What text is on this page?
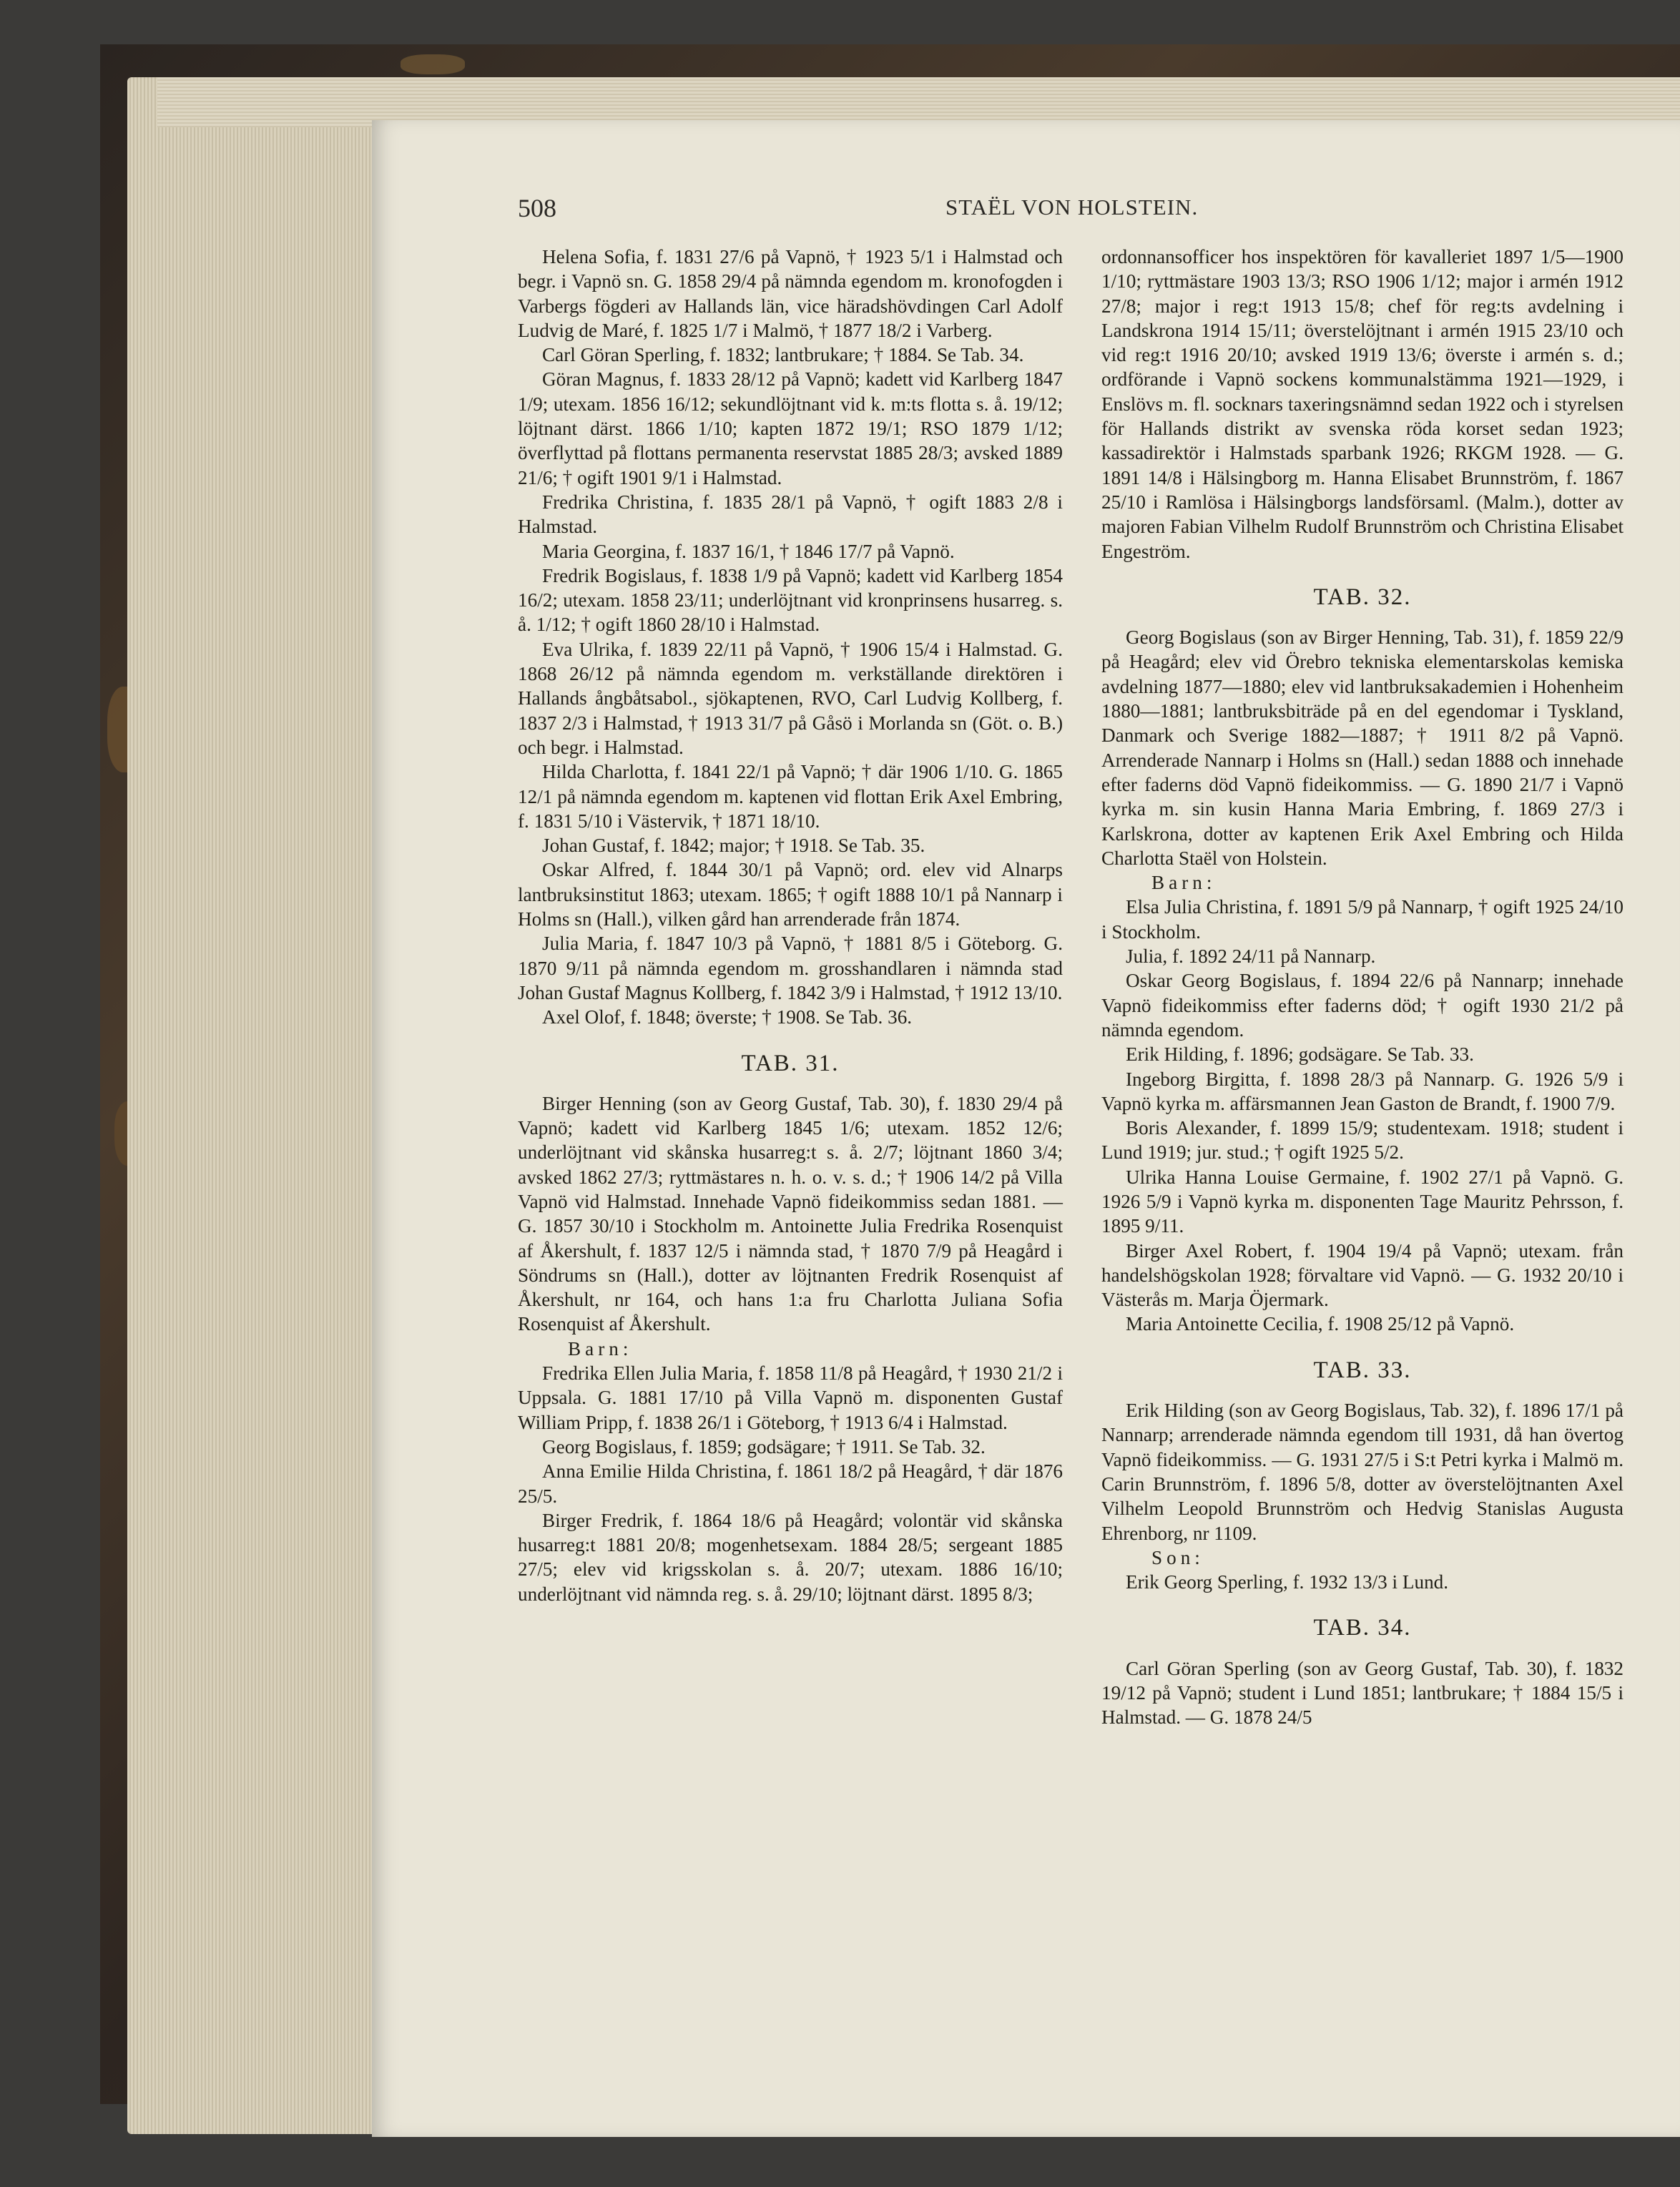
508	STAËL VON HOLSTEIN.

Helena Sofia, f. 1831 27/6 på Vapnö, † 1923 5/1 i Halmstad och begr. i Vapnö sn. G. 1858 29/4 på nämnda egendom m. kronofogden i Varbergs fögderi av Hallands län, vice häradshövdingen Carl Adolf Ludvig de Maré, f. 1825 1/7 i Malmö, † 1877 18/2 i Varberg.

Carl Göran Sperling, f. 1832; lantbrukare; † 1884. Se Tab. 34.

Göran Magnus, f. 1833 28/12 på Vapnö; kadett vid Karlberg 1847 1/9; utexam. 1856 16/12; sekundlöjtnant vid k. m:ts flotta s. å. 19/12; löjtnant därst. 1866 1/10; kapten 1872 19/1; RSO 1879 1/12; överflyttad på flottans permanenta reservstat 1885 28/3; avsked 1889 21/6; † ogift 1901 9/1 i Halmstad.

Fredrika Christina, f. 1835 28/1 på Vapnö, † ogift 1883 2/8 i Halmstad.

Maria Georgina, f. 1837 16/1, † 1846 17/7 på Vapnö.

Fredrik Bogislaus, f. 1838 1/9 på Vapnö; kadett vid Karlberg 1854 16/2; utexam. 1858 23/11; underlöjtnant vid kronprinsens husarreg. s. å. 1/12; † ogift 1860 28/10 i Halmstad.

Eva Ulrika, f. 1839 22/11 på Vapnö, † 1906 15/4 i Halmstad. G. 1868 26/12 på nämnda egendom m. verkställande direktören i Hallands ångbåtsabol., sjökaptenen, RVO, Carl Ludvig Kollberg, f. 1837 2/3 i Halmstad, † 1913 31/7 på Gåsö i Morlanda sn (Göt. o. B.) och begr. i Halmstad.

Hilda Charlotta, f. 1841 22/1 på Vapnö; † där 1906 1/10. G. 1865 12/1 på nämnda egendom m. kaptenen vid flottan Erik Axel Embring, f. 1831 5/10 i Västervik, † 1871 18/10.

Johan Gustaf, f. 1842; major; † 1918. Se Tab. 35.

Oskar Alfred, f. 1844 30/1 på Vapnö; ord. elev vid Alnarps lantbruksinstitut 1863; utexam. 1865; † ogift 1888 10/1 på Nannarp i Holms sn (Hall.), vilken gård han arrenderade från 1874.

Julia Maria, f. 1847 10/3 på Vapnö, † 1881 8/5 i Göteborg. G. 1870 9/11 på nämnda egendom m. grosshandlaren i nämnda stad Johan Gustaf Magnus Kollberg, f. 1842 3/9 i Halmstad, † 1912 13/10.

Axel Olof, f. 1848; överste; † 1908. Se Tab. 36.

TAB. 31.

Birger Henning (son av Georg Gustaf, Tab. 30), f. 1830 29/4 på Vapnö; kadett vid Karlberg 1845 1/6; utexam. 1852 12/6; underlöjtnant vid skånska husarreg:t s. å. 2/7; löjtnant 1860 3/4; avsked 1862 27/3; ryttmästares n. h. o. v. s. d.; † 1906 14/2 på Villa Vapnö vid Halmstad. Innehade Vapnö fideikommiss sedan 1881. — G. 1857 30/10 i Stockholm m. Antoinette Julia Fredrika Rosenquist af Åkershult, f. 1837 12/5 i nämnda stad, † 1870 7/9 på Heagård i Söndrums sn (Hall.), dotter av löjtnanten Fredrik Rosenquist af Åkershult, nr 164, och hans 1:a fru Charlotta Juliana Sofia Rosenquist af Åkershult.

Barn:

Fredrika Ellen Julia Maria, f. 1858 11/8 på Heagård, † 1930 21/2 i Uppsala. G. 1881 17/10 på Villa Vapnö m. disponenten Gustaf William Pripp, f. 1838 26/1 i Göteborg, † 1913 6/4 i Halmstad.

Georg Bogislaus, f. 1859; godsägare; † 1911. Se Tab. 32.

Anna Emilie Hilda Christina, f. 1861 18/2 på Heagård, † där 1876 25/5.

Birger Fredrik, f. 1864 18/6 på Heagård; volontär vid skånska husarreg:t 1881 20/8; mogenhetsexam. 1884 28/5; sergeant 1885 27/5; elev vid krigsskolan s. å. 20/7; utexam. 1886 16/10; underlöjtnant vid nämnda reg. s. å. 29/10; löjtnant därst. 1895 8/3;

ordonnansofficer hos inspektören för kavalleriet 1897 1/5—1900 1/10; ryttmästare 1903 13/3; RSO 1906 1/12; major i armén 1912 27/8; major i reg:t 1913 15/8; chef för reg:ts avdelning i Landskrona 1914 15/11; överstelöjtnant i armén 1915 23/10 och vid reg:t 1916 20/10; avsked 1919 13/6; överste i armén s. d.; ordförande i Vapnö sockens kommunalstämma 1921—1929, i Enslövs m. fl. socknars taxeringsnämnd sedan 1922 och i styrelsen för Hallands distrikt av svenska röda korset sedan 1923; kassadirektör i Halmstads sparbank 1926; RKGM 1928. — G. 1891 14/8 i Hälsingborg m. Hanna Elisabet Brunnström, f. 1867 25/10 i Ramlösa i Hälsingborgs landsförsaml. (Malm.), dotter av majoren Fabian Vilhelm Rudolf Brunnström och Christina Elisabet Engeström.

TAB. 32.

Georg Bogislaus (son av Birger Henning, Tab. 31), f. 1859 22/9 på Heagård; elev vid Örebro tekniska elementarskolas kemiska avdelning 1877—1880; elev vid lantbruksakademien i Hohenheim 1880—1881; lantbruksbiträde på en del egendomar i Tyskland, Danmark och Sverige 1882—1887; † 1911 8/2 på Vapnö. Arrenderade Nannarp i Holms sn (Hall.) sedan 1888 och innehade efter faderns död Vapnö fideikommiss. — G. 1890 21/7 i Vapnö kyrka m. sin kusin Hanna Maria Embring, f. 1869 27/3 i Karlskrona, dotter av kaptenen Erik Axel Embring och Hilda Charlotta Staël von Holstein.

Barn:

Elsa Julia Christina, f. 1891 5/9 på Nannarp, † ogift 1925 24/10 i Stockholm.

Julia, f. 1892 24/11 på Nannarp.

Oskar Georg Bogislaus, f. 1894 22/6 på Nannarp; innehade Vapnö fideikommiss efter faderns död; † ogift 1930 21/2 på nämnda egendom.

Erik Hilding, f. 1896; godsägare. Se Tab. 33.

Ingeborg Birgitta, f. 1898 28/3 på Nannarp. G. 1926 5/9 i Vapnö kyrka m. affärsmannen Jean Gaston de Brandt, f. 1900 7/9.

Boris Alexander, f. 1899 15/9; studentexam. 1918; student i Lund 1919; jur. stud.; † ogift 1925 5/2.

Ulrika Hanna Louise Germaine, f. 1902 27/1 på Vapnö. G. 1926 5/9 i Vapnö kyrka m. disponenten Tage Mauritz Pehrsson, f. 1895 9/11.

Birger Axel Robert, f. 1904 19/4 på Vapnö; utexam. från handelshögskolan 1928; förvaltare vid Vapnö. — G. 1932 20/10 i Västerås m. Marja Öjermark.

Maria Antoinette Cecilia, f. 1908 25/12 på Vapnö.

TAB. 33.

Erik Hilding (son av Georg Bogislaus, Tab. 32), f. 1896 17/1 på Nannarp; arrenderade nämnda egendom till 1931, då han övertog Vapnö fideikommiss. — G. 1931 27/5 i S:t Petri kyrka i Malmö m. Carin Brunnström, f. 1896 5/8, dotter av överstelöjtnanten Axel Vilhelm Leopold Brunnström och Hedvig Stanislas Augusta Ehrenborg, nr 1109.

Son:

Erik Georg Sperling, f. 1932 13/3 i Lund.

TAB. 34.

Carl Göran Sperling (son av Georg Gustaf, Tab. 30), f. 1832 19/12 på Vapnö; student i Lund 1851; lantbrukare; † 1884 15/5 i Halmstad. — G. 1878 24/5
